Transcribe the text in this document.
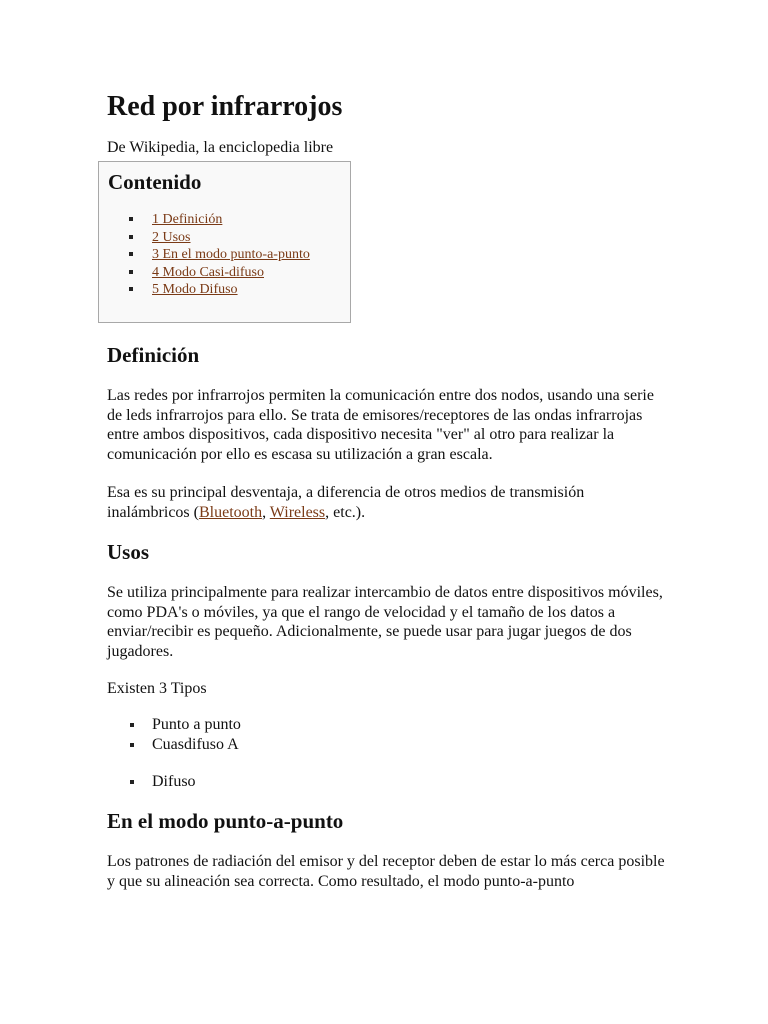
Red por infrarrojos
De Wikipedia, la enciclopedia libre
Contenido
1 Definición
2 Usos
3 En el modo punto-a-punto
4 Modo Casi-difuso
5 Modo Difuso
Definición

Las redes por infrarrojos permiten la comunicación entre dos nodos, usando una serie de leds infrarrojos para ello. Se trata de emisores/receptores de las ondas infrarrojas entre ambos dispositivos, cada dispositivo necesita "ver" al otro para realizar la comunicación por ello es escasa su utilización a gran escala.

Esa es su principal desventaja, a diferencia de otros medios de transmisión inalámbricos (Bluetooth, Wireless, etc.).

Usos

Se utiliza principalmente para realizar intercambio de datos entre dispositivos móviles, como PDA's o móviles, ya que el rango de velocidad y el tamaño de los datos a enviar/recibir es pequeño. Adicionalmente, se puede usar para jugar juegos de dos jugadores.

Existen 3 Tipos

Punto a punto
Cuasdifuso A
Difuso
En el modo punto-a-punto

Los patrones de radiación del emisor y del receptor deben de estar lo más cerca posible y que su alineación sea correcta. Como resultado, el modo punto-a-punto
